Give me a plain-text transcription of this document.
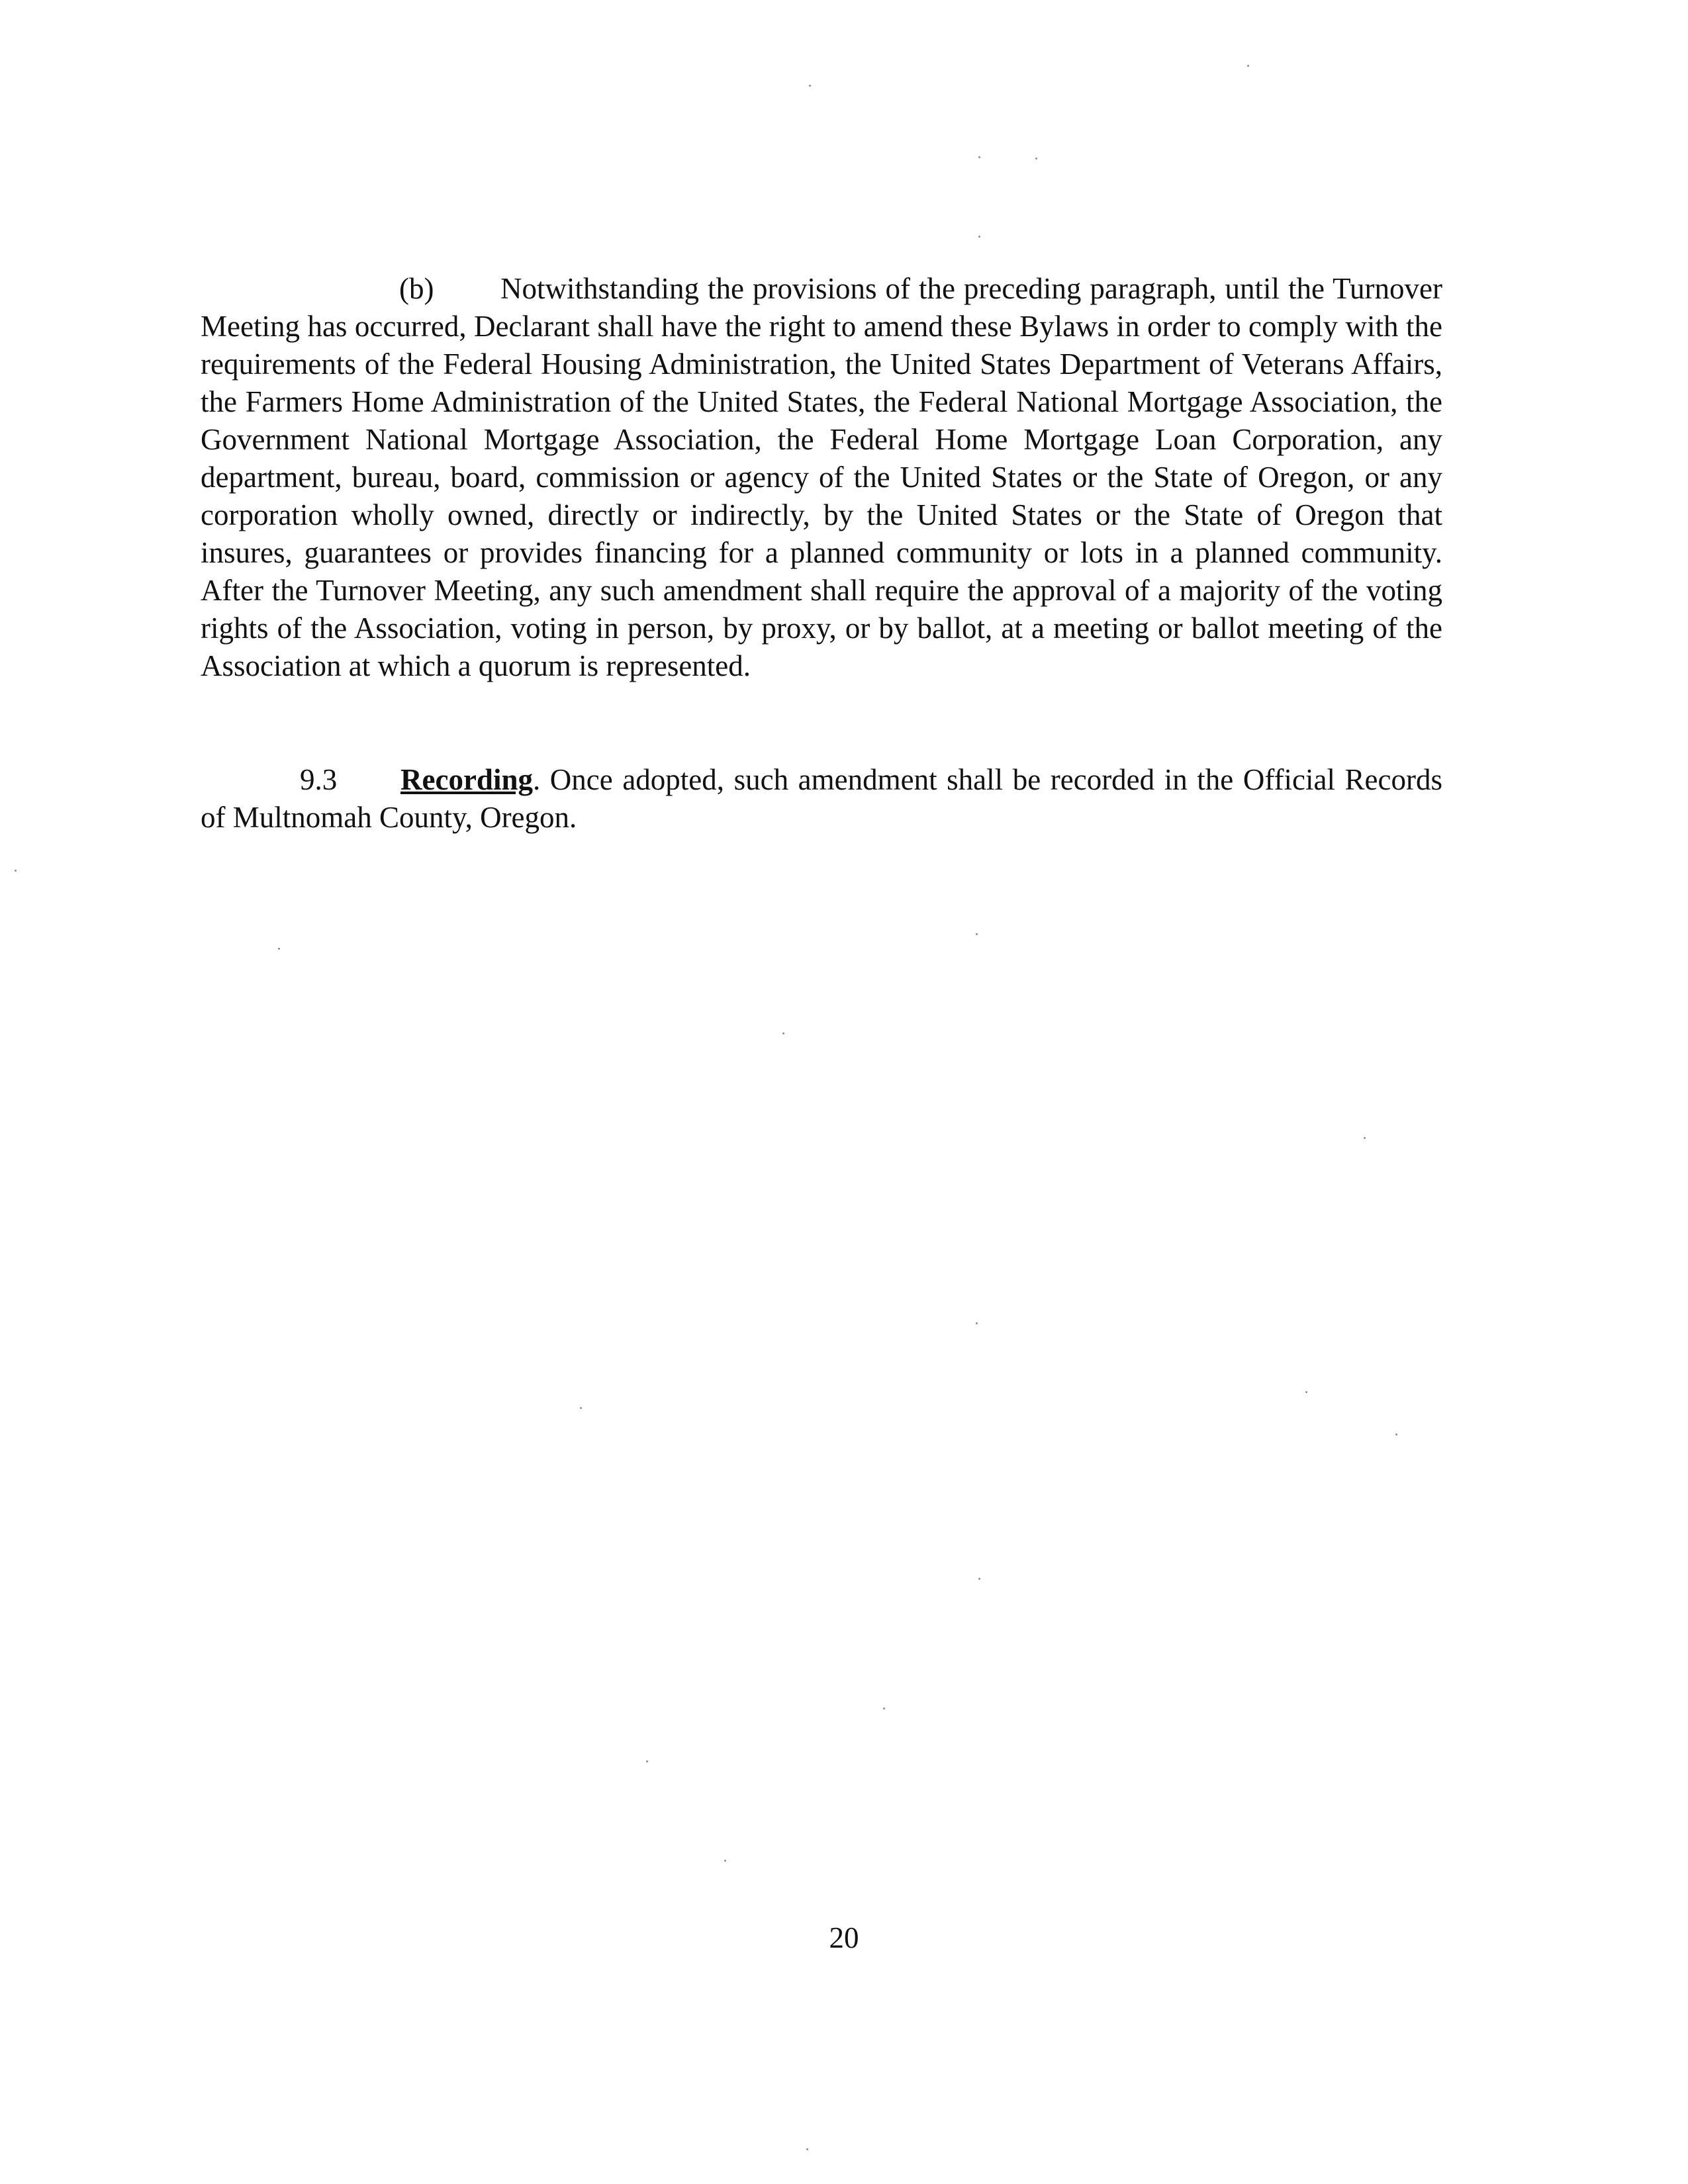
(b) Notwithstanding the provisions of the preceding paragraph, until the Turnover Meeting has occurred, Declarant shall have the right to amend these Bylaws in order to comply with the requirements of the Federal Housing Administration, the United States Department of Veterans Affairs, the Farmers Home Administration of the United States, the Federal National Mortgage Association, the Government National Mortgage Association, the Federal Home Mortgage Loan Corporation, any department, bureau, board, commission or agency of the United States or the State of Oregon, or any corporation wholly owned, directly or indirectly, by the United States or the State of Oregon that insures, guarantees or provides financing for a planned community or lots in a planned community. After the Turnover Meeting, any such amendment shall require the approval of a majority of the voting rights of the Association, voting in person, by proxy, or by ballot, at a meeting or ballot meeting of the Association at which a quorum is represented.
9.3 Recording. Once adopted, such amendment shall be recorded in the Official Records of Multnomah County, Oregon.
20
